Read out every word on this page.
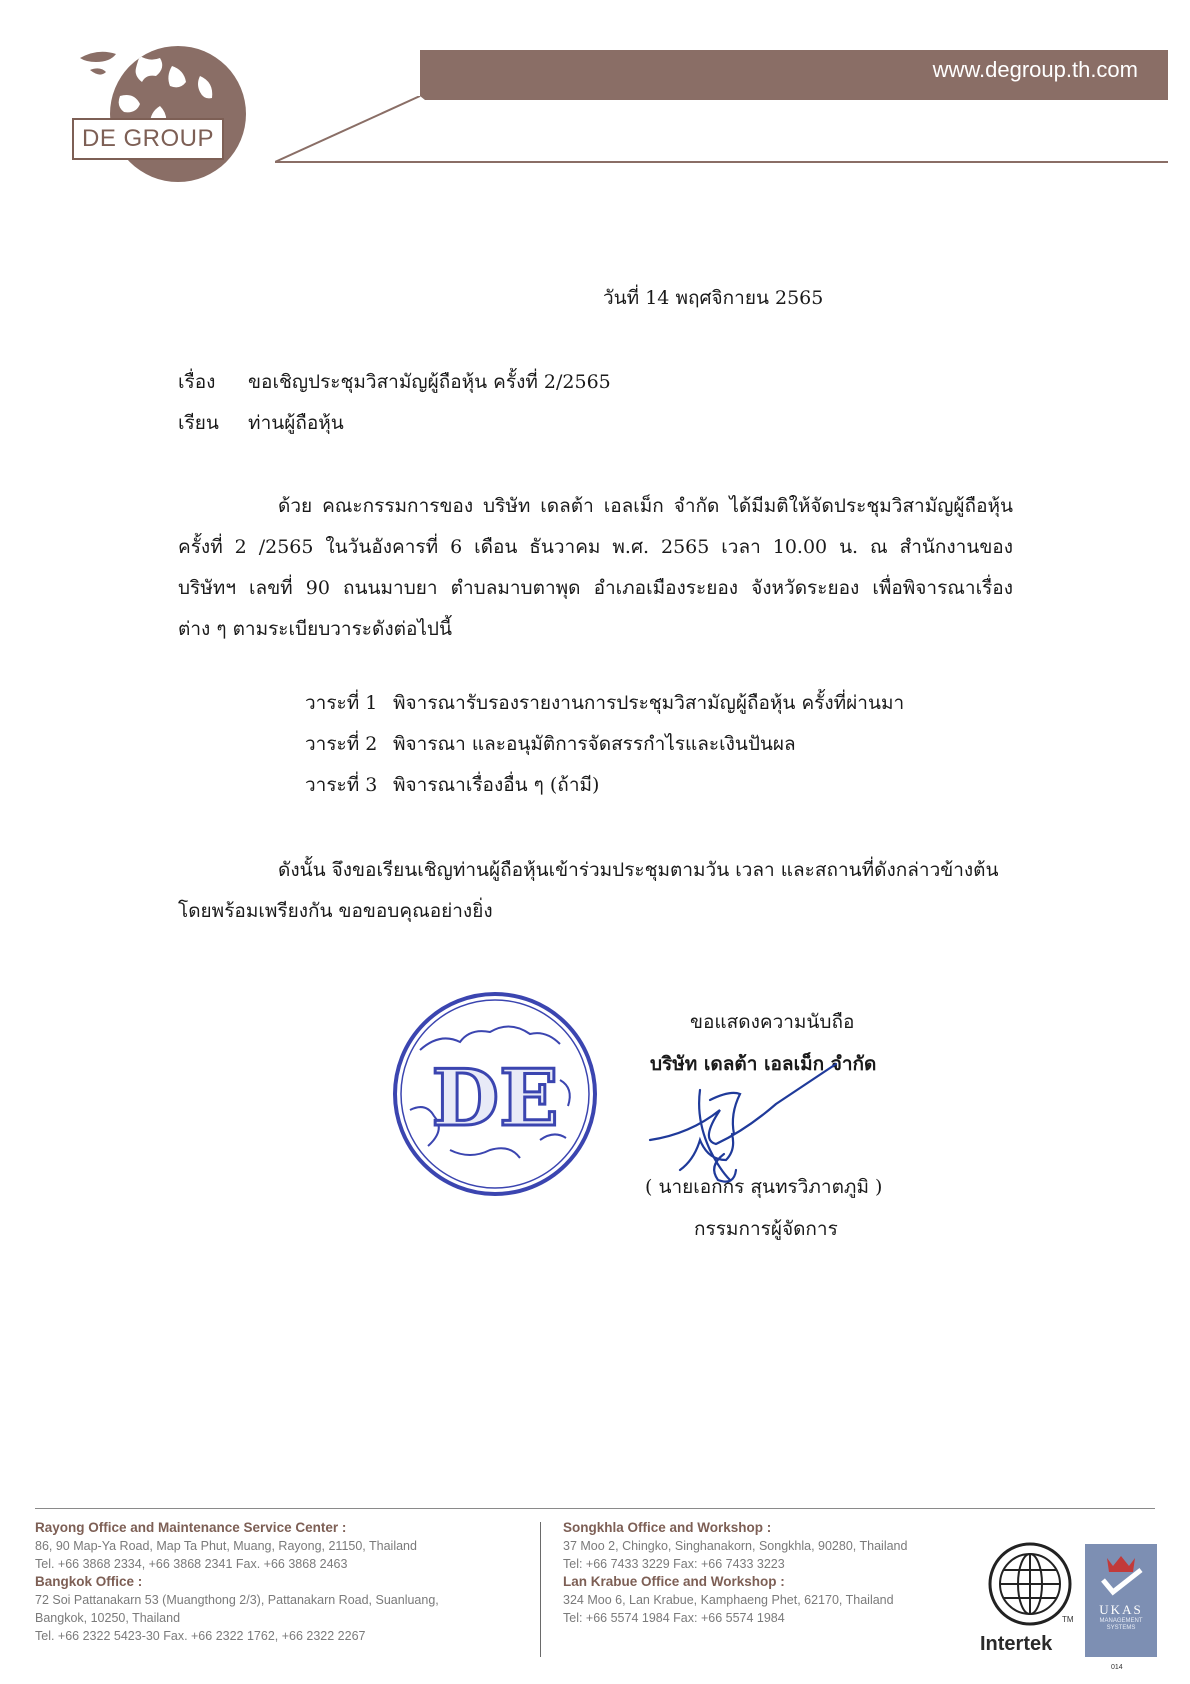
DE GROUP
www.degroup.th.com
วันที่ 14 พฤศจิกายน 2565
เรื่อง ขอเชิญประชุมวิสามัญผู้ถือหุ้น ครั้งที่ 2/2565
เรียน ท่านผู้ถือหุ้น
ด้วย คณะกรรมการของ บริษัท เดลต้า เอลเม็ก จำกัด ได้มีมติให้จัดประชุมวิสามัญผู้ถือหุ้น
ครั้งที่ 2 /2565 ในวันอังคารที่ 6 เดือน ธันวาคม พ.ศ. 2565 เวลา 10.00 น. ณ สำนักงานของ
บริษัทฯ เลขที่ 90 ถนนมาบยา ตำบลมาบตาพุด อำเภอเมืองระยอง จังหวัดระยอง เพื่อพิจารณาเรื่อง
ต่าง ๆ ตามระเบียบวาระดังต่อไปนี้
วาระที่ 1 พิจารณารับรองรายงานการประชุมวิสามัญผู้ถือหุ้น ครั้งที่ผ่านมา
วาระที่ 2 พิจารณา และอนุมัติการจัดสรรกำไรและเงินปันผล
วาระที่ 3 พิจารณาเรื่องอื่น ๆ (ถ้ามี)
ดังนั้น จึงขอเรียนเชิญท่านผู้ถือหุ้นเข้าร่วมประชุมตามวัน เวลา และสถานที่ดังกล่าวข้างต้น
โดยพร้อมเพรียงกัน ขอขอบคุณอย่างยิ่ง
DE
ขอแสดงความนับถือ
บริษัท เดลต้า เอลเม็ก จำกัด
( นายเอกกร สุนทรวิภาตภูมิ )
กรรมการผู้จัดการ
Rayong Office and Maintenance Service Center :
86, 90 Map-Ya Road, Map Ta Phut, Muang, Rayong, 21150, Thailand
Tel. +66 3868 2334, +66 3868 2341 Fax. +66 3868 2463
Bangkok Office :
72 Soi Pattanakarn 53 (Muangthong 2/3), Pattanakarn Road, Suanluang,
Bangkok, 10250, Thailand
Tel. +66 2322 5423-30 Fax. +66 2322 1762, +66 2322 2267
Songkhla Office and Workshop :
37 Moo 2, Chingko, Singhanakorn, Songkhla, 90280, Thailand
Tel: +66 7433 3229 Fax: +66 7433 3223
Lan Krabue Office and Workshop :
324 Moo 6, Lan Krabue, Kamphaeng Phet, 62170, Thailand
Tel: +66 5574 1984 Fax: +66 5574 1984	TM
Intertek
UKAS
MANAGEMENT SYSTEMS
014
